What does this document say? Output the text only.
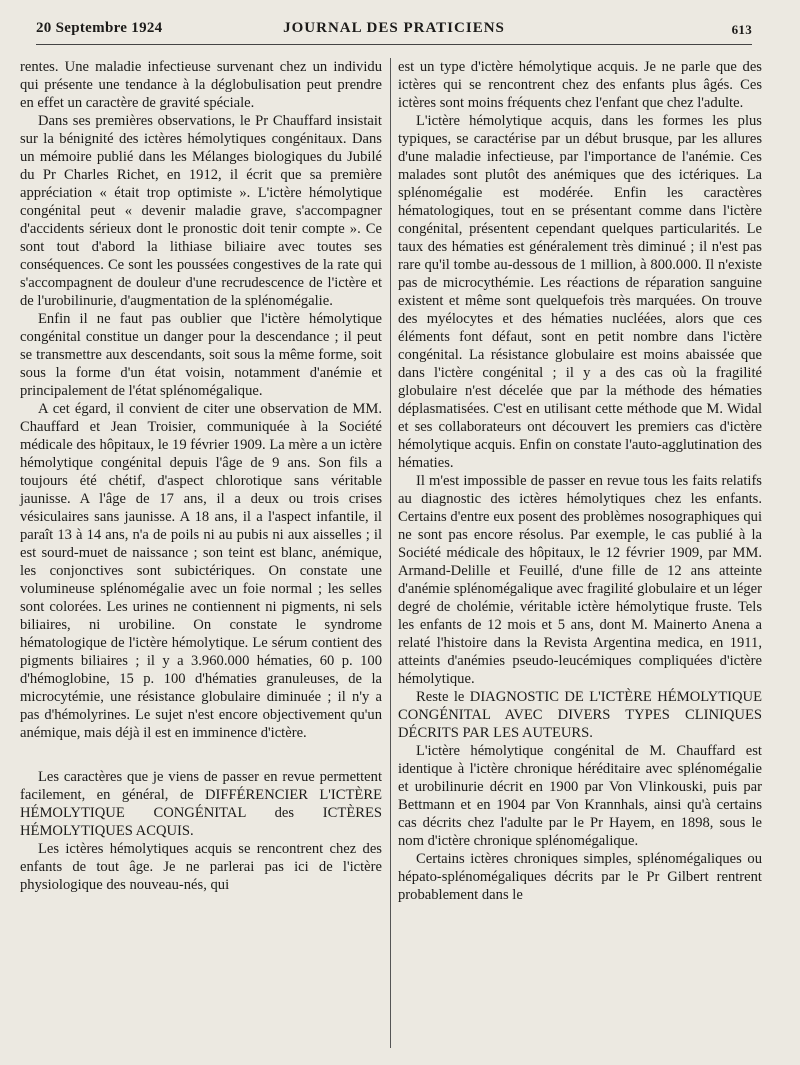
20 Septembre 1924	JOURNAL DES PRATICIENS	613

rentes. Une maladie infectieuse survenant chez un individu qui présente une tendance à la déglobulisation peut prendre en effet un caractère de gravité spéciale.

Dans ses premières observations, le Pr Chauffard insistait sur la bénignité des ictères hémolytiques congénitaux. Dans un mémoire publié dans les Mélanges biologiques du Jubilé du Pr Charles Richet, en 1912, il écrit que sa première appréciation « était trop optimiste ». L'ictère hémolytique congénital peut « devenir maladie grave, s'accompagner d'accidents sérieux dont le pronostic doit tenir compte ». Ce sont tout d'abord la lithiase biliaire avec toutes ses conséquences. Ce sont les poussées congestives de la rate qui s'accompagnent de douleur d'une recrudescence de l'ictère et de l'urobilinurie, d'augmentation de la splénomégalie.

Enfin il ne faut pas oublier que l'ictère hémolytique congénital constitue un danger pour la descendance ; il peut se transmettre aux descendants, soit sous la même forme, soit sous la forme d'un état voisin, notamment d'anémie et principalement de l'état splénomégalique.

A cet égard, il convient de citer une observation de MM. Chauffard et Jean Troisier, communiquée à la Société médicale des hôpitaux, le 19 février 1909. La mère a un ictère hémolytique congénital depuis l'âge de 9 ans. Son fils a toujours été chétif, d'aspect chlorotique sans véritable jaunisse. A l'âge de 17 ans, il a deux ou trois crises vésiculaires sans jaunisse. A 18 ans, il a l'aspect infantile, il paraît 13 à 14 ans, n'a de poils ni au pubis ni aux aisselles ; il est sourd-muet de naissance ; son teint est blanc, anémique, les conjonctives sont subictériques. On constate une volumineuse splénomégalie avec un foie normal ; les selles sont colorées. Les urines ne contiennent ni pigments, ni sels biliaires, ni urobiline. On constate le syndrome hématologique de l'ictère hémolytique. Le sérum contient des pigments biliaires ; il y a 3.960.000 hématies, 60 p. 100 d'hémoglobine, 15 p. 100 d'hématies granuleuses, de la microcytémie, une résistance globulaire diminuée ; il n'y a pas d'hémolyrines. Le sujet n'est encore objectivement qu'un anémique, mais déjà il est en imminence d'ictère.

Les caractères que je viens de passer en revue permettent facilement, en général, de DIFFÉRENCIER L'ICTÈRE HÉMOLYTIQUE CONGÉNITAL des ICTÈRES HÉMOLYTIQUES ACQUIS.

Les ictères hémolytiques acquis se rencontrent chez des enfants de tout âge. Je ne parlerai pas ici de l'ictère physiologique des nouveau-nés, qui

est un type d'ictère hémolytique acquis. Je ne parle que des ictères qui se rencontrent chez des enfants plus âgés. Ces ictères sont moins fréquents chez l'enfant que chez l'adulte.

L'ictère hémolytique acquis, dans les formes les plus typiques, se caractérise par un début brusque, par les allures d'une maladie infectieuse, par l'importance de l'anémie. Ces malades sont plutôt des anémiques que des ictériques. La splénomégalie est modérée. Enfin les caractères hématologiques, tout en se présentant comme dans l'ictère congénital, présentent cependant quelques particularités. Le taux des hématies est généralement très diminué ; il n'est pas rare qu'il tombe au-dessous de 1 million, à 800.000. Il n'existe pas de microcythémie. Les réactions de réparation sanguine existent et même sont quelquefois très marquées. On trouve des myélocytes et des hématies nucléées, alors que ces éléments font défaut, sont en petit nombre dans l'ictère congénital. La résistance globulaire est moins abaissée que dans l'ictère congénital ; il y a des cas où la fragilité globulaire n'est décelée que par la méthode des hématies déplasmatisées. C'est en utilisant cette méthode que M. Widal et ses collaborateurs ont découvert les premiers cas d'ictère hémolytique acquis. Enfin on constate l'auto-agglutination des hématies.

Il m'est impossible de passer en revue tous les faits relatifs au diagnostic des ictères hémolytiques chez les enfants. Certains d'entre eux posent des problèmes nosographiques qui ne sont pas encore résolus. Par exemple, le cas publié à la Société médicale des hôpitaux, le 12 février 1909, par MM. Armand-Delille et Feuillé, d'une fille de 12 ans atteinte d'anémie splénomégalique avec fragilité globulaire et un léger degré de cholémie, véritable ictère hémolytique fruste. Tels les enfants de 12 mois et 5 ans, dont M. Mainerto Anena a relaté l'histoire dans la Revista Argentina medica, en 1911, atteints d'anémies pseudo-leucémiques compliquées d'ictère hémolytique.

Reste le DIAGNOSTIC DE L'ICTÈRE HÉMOLYTIQUE CONGÉNITAL AVEC DIVERS TYPES CLINIQUES DÉCRITS PAR LES AUTEURS.

L'ictère hémolytique congénital de M. Chauffard est identique à l'ictère chronique héréditaire avec splénomégalie et urobilinurie décrit en 1900 par Von Vlinkouski, puis par Bettmann et en 1904 par Von Krannhals, ainsi qu'à certains cas décrits chez l'adulte par le Pr Hayem, en 1898, sous le nom d'ictère chronique splénomégalique.

Certains ictères chroniques simples, splénomégaliques ou hépato-splénomégaliques décrits par le Pr Gilbert rentrent probablement dans le
